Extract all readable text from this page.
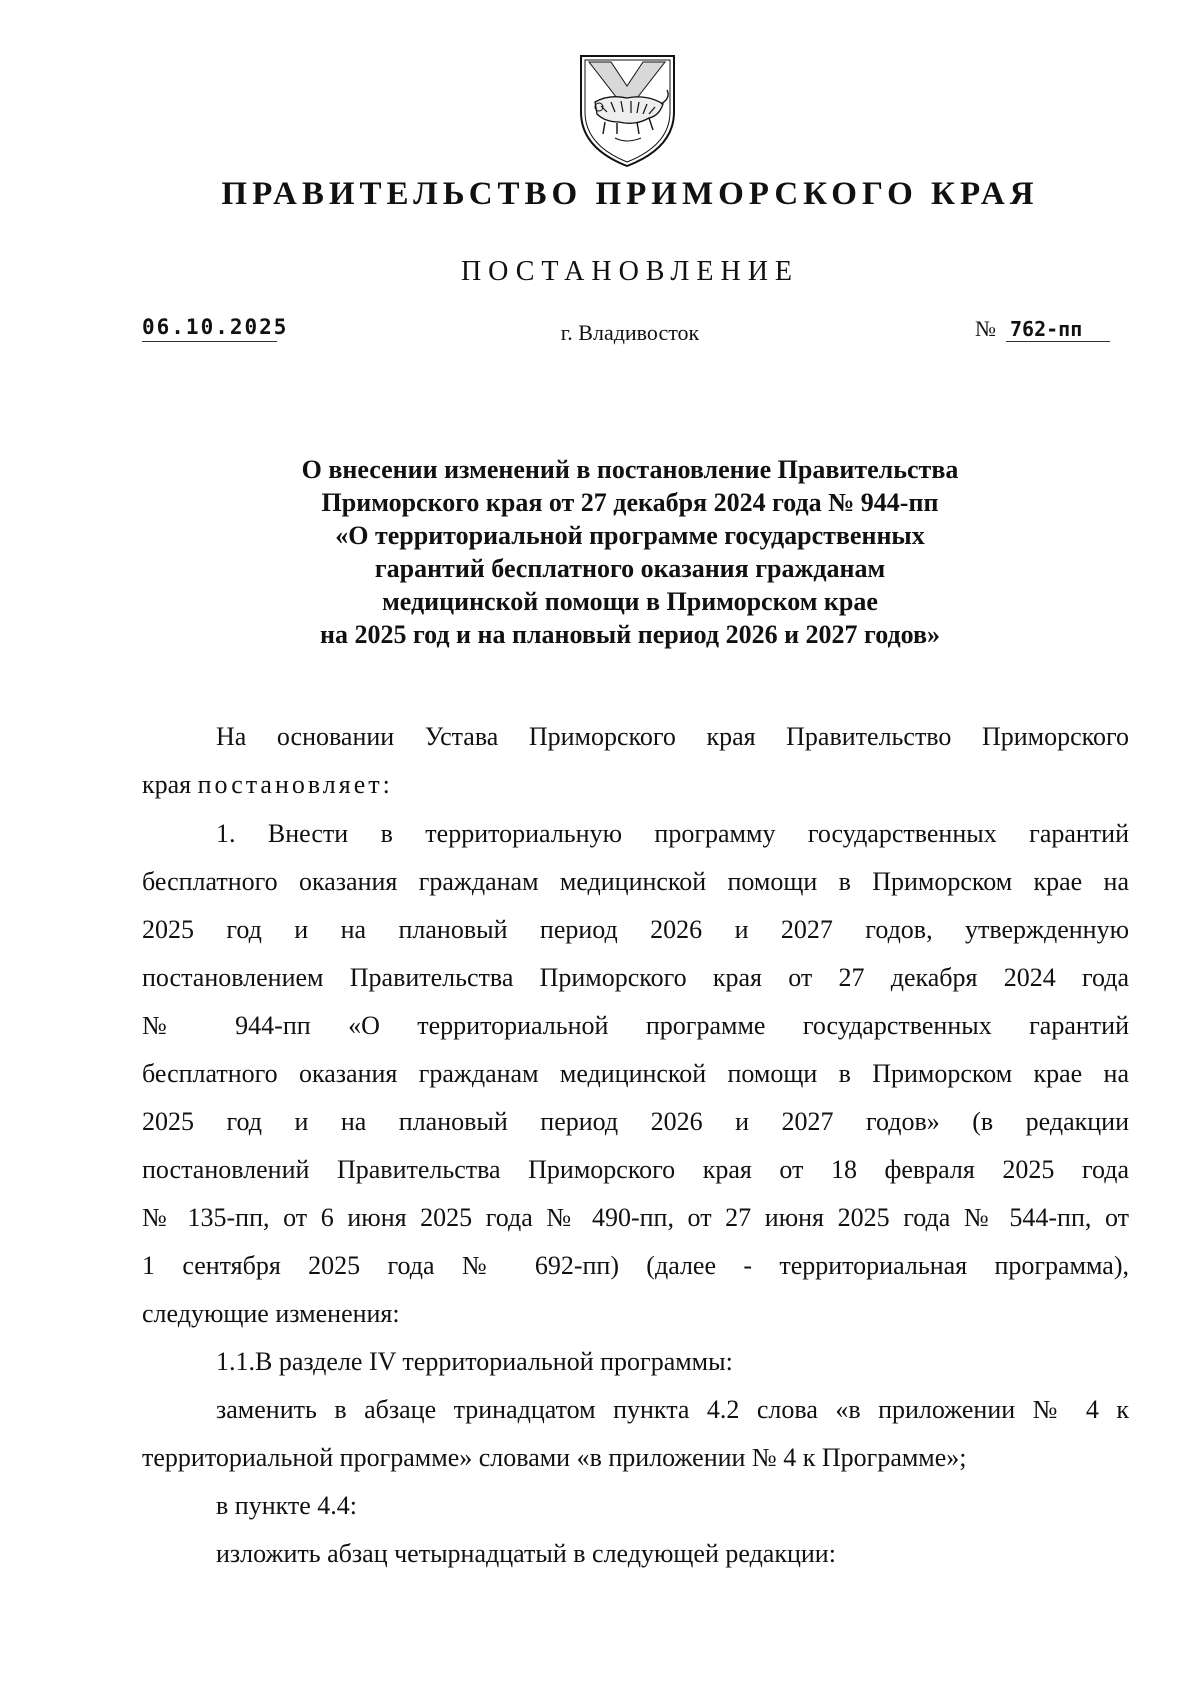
ПРАВИТЕЛЬСТВО ПРИМОРСКОГО КРАЯ
ПОСТАНОВЛЕНИЕ
06.10.2025	г. Владивосток	№ 762-пп
О внесении изменений в постановление Правительства
Приморского края от 27 декабря 2024 года № 944-пп
«О территориальной программе государственных
гарантий бесплатного оказания гражданам
медицинской помощи в Приморском крае
на 2025 год и на плановый период 2026 и 2027 годов»
На основании Устава Приморского края Правительство Приморского
края постановляет:
1. Внести в территориальную программу государственных гарантий
бесплатного оказания гражданам медицинской помощи в Приморском крае на
2025 год и на плановый период 2026 и 2027 годов, утвержденную
постановлением Правительства Приморского края от 27 декабря 2024 года
№ 944-пп «О территориальной программе государственных гарантий
бесплатного оказания гражданам медицинской помощи в Приморском крае на
2025 год и на плановый период 2026 и 2027 годов» (в редакции
постановлений Правительства Приморского края от 18 февраля 2025 года
№ 135-пп, от 6 июня 2025 года № 490-пп, от 27 июня 2025 года № 544-пп, от
1 сентября 2025 года № 692-пп) (далее - территориальная программа),
следующие изменения:
1.1.В разделе IV территориальной программы:
заменить в абзаце тринадцатом пункта 4.2 слова «в приложении № 4 к
территориальной программе» словами «в приложении № 4 к Программе»;
в пункте 4.4:
изложить абзац четырнадцатый в следующей редакции:
